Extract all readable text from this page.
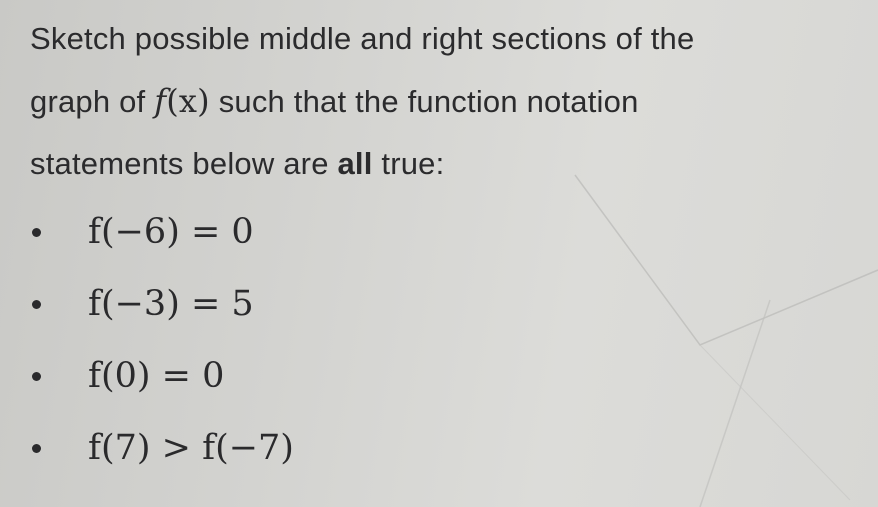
Sketch possible middle and right sections of the
graph of f(x) such that the function notation
statements below are all true:
f(−6) = 0
f(−3) = 5
f(0) = 0
f(7) > f(−7)
